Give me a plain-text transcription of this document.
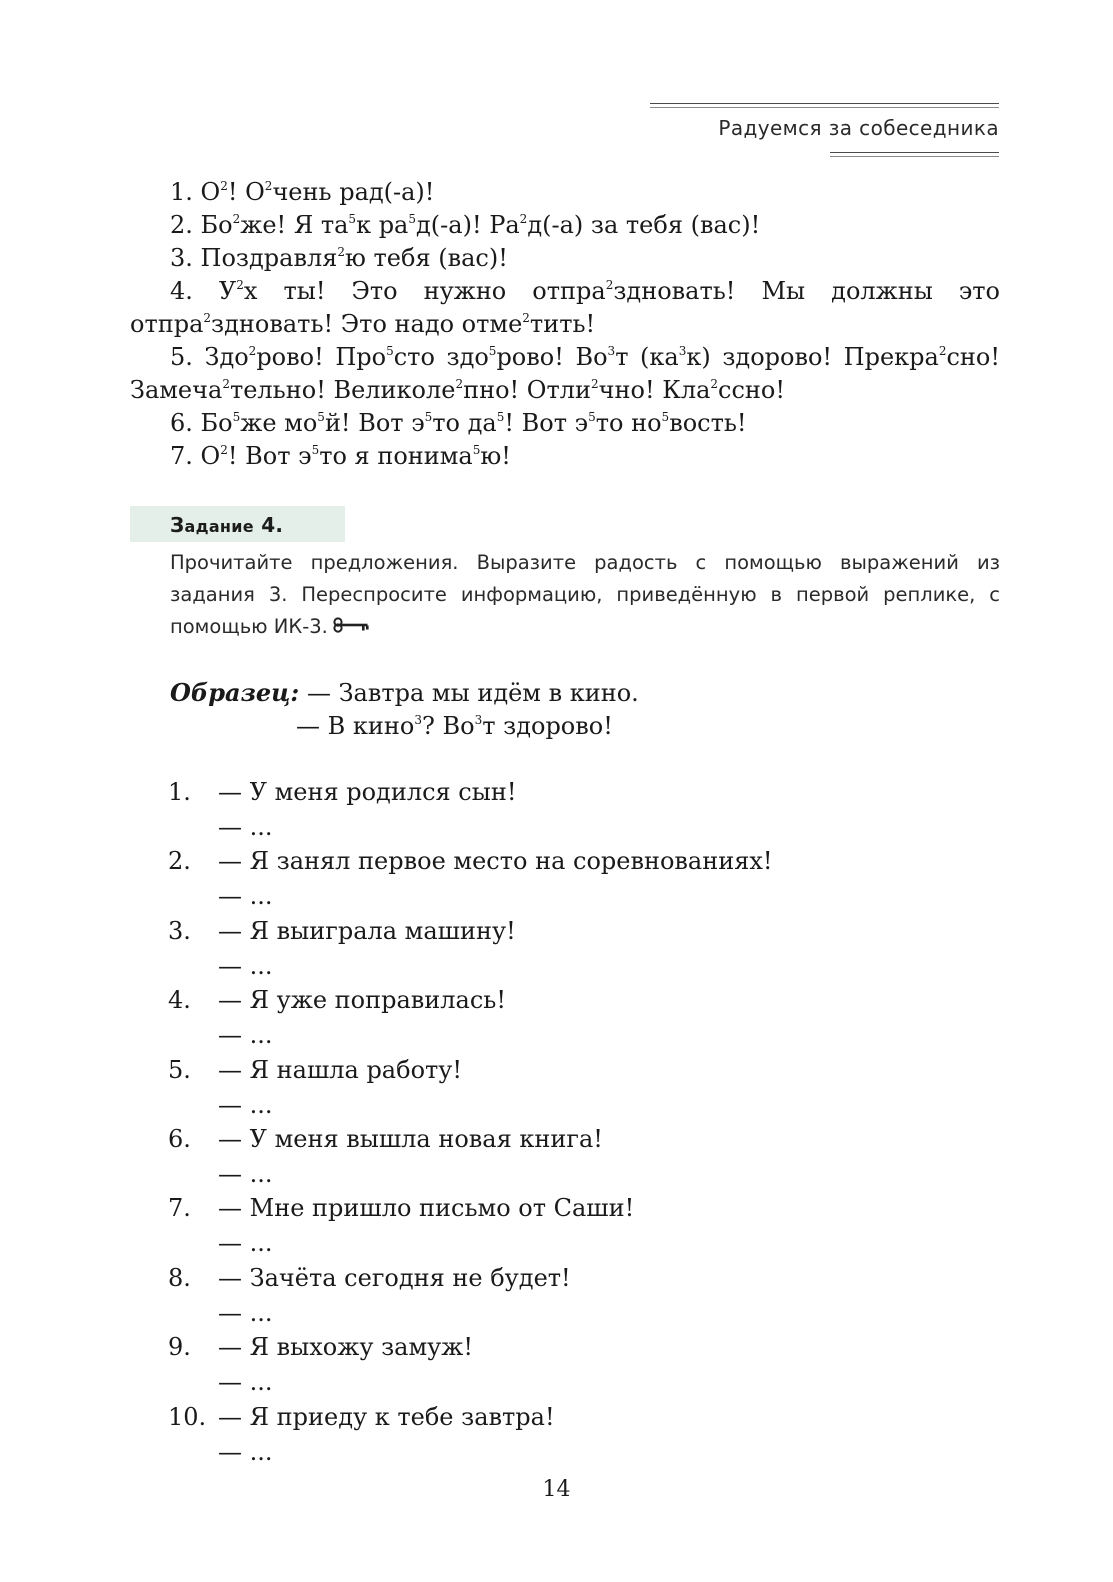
Радуемся за собеседника

1. $О^2$! $О^2чень$ рад(-а)!

2. $Бо^2же$! Я $та^5к$ $ра^5д(-а)$! $Ра^2д(-а)$ за тебя (вас)!

3. Поздравля$^2$ю тебя (вас)!

4. $У^2х$ ты! Это нужно отпра$^2$здновать! Мы должны это отпра$^2$здновать! Это надо отме$^2$тить!

5. Здо$^2$рово! Про$^5$сто здо$^5$рово! $Во^3т$ $(ка^3к)$ здорово! Прекра$^2$сно! Замеча$^2$тельно! Великоле$^2$пно! Отли$^2$чно! Кла$^2$ссно!

6. $Бо^5же$ $мо^5й$! Вот $э^5то$ $да^5$! Вот $э^5то$ $но^5вость$!

7. $О^2$! Вот $э^5то$ я понима$^5$ю!

Задание 4.
Прочитайте предложения. Выразите радость с помощью выражений из задания 3. Переспросите информацию, приведённую в первой реплике, с помощью ИК-3.
Образец: — Завтра мы идём в кино.
— В кино$^3$? $Во^3т$ здорово!
1. — У меня родился сын!
— ...
2. — Я занял первое место на соревнованиях!
— ...
3. — Я выиграла машину!
— ...
4. — Я уже поправилась!
— ...
5. — Я нашла работу!
— ...
6. — У меня вышла новая книга!
— ...
7. — Мне пришло письмо от Саши!
— ...
8. — Зачёта сегодня не будет!
— ...
9. — Я выхожу замуж!
— ...
10. — Я приеду к тебе завтра!
— ...
14
